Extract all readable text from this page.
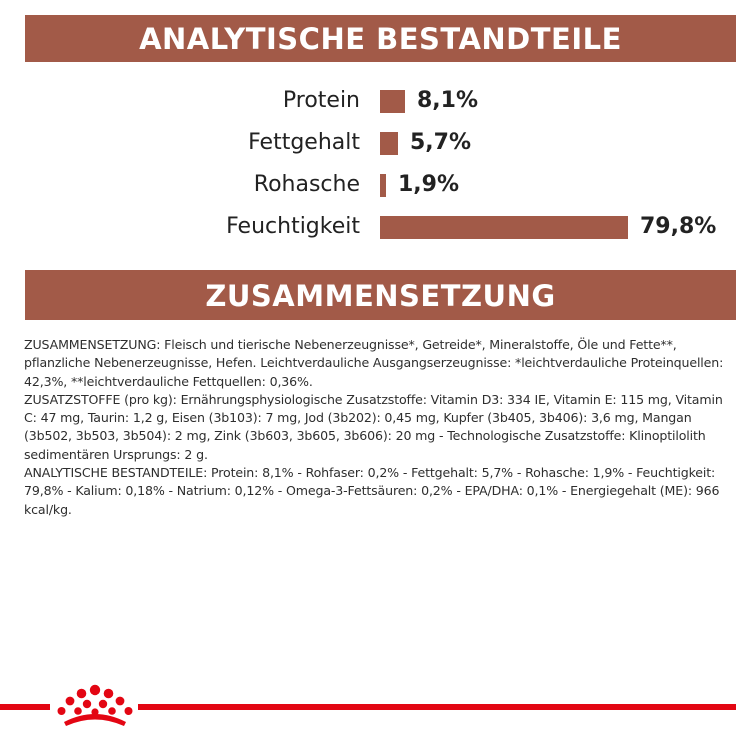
ANALYTISCHE BESTANDTEILE
Protein	8,1%
Fettgehalt 5,7%
Rohasche 1,9%
Feuchtigkeit	79,8%
ZUSAMMENSETZUNG

ZUSAMMENSETZUNG: Fleisch und tierische Nebenerzeugnisse*, Getreide*, Mineralstoffe, Öle und Fette**, pflanzliche Nebenerzeugnisse, Hefen. Leichtverdauliche Ausgangserzeugnisse: *leichtverdauliche Proteinquellen: 42,3%, **leichtverdauliche Fettquellen: 0,36%.

ZUSATZSTOFFE (pro kg): Ernährungsphysiologische Zusatzstoffe: Vitamin D3: 334 IE, Vitamin E: 115 mg, Vitamin C: 47 mg, Taurin: 1,2 g, Eisen (3b103): 7 mg, Jod (3b202): 0,45 mg, Kupfer (3b405, 3b406): 3,6 mg, Mangan (3b502, 3b503, 3b504): 2 mg, Zink (3b603, 3b605, 3b606): 20 mg - Technologische Zusatzstoffe: Klinoptilolith sedimentären Ursprungs: 2 g.

ANALYTISCHE BESTANDTEILE: Protein: 8,1% - Rohfaser: 0,2% - Fettgehalt: 5,7% - Rohasche: 1,9% - Feuchtigkeit: 79,8% - Kalium: 0,18% - Natrium: 0,12% - Omega-3-Fettsäuren: 0,2% - EPA/DHA: 0,1% - Energiegehalt (ME): 966 kcal/kg.
